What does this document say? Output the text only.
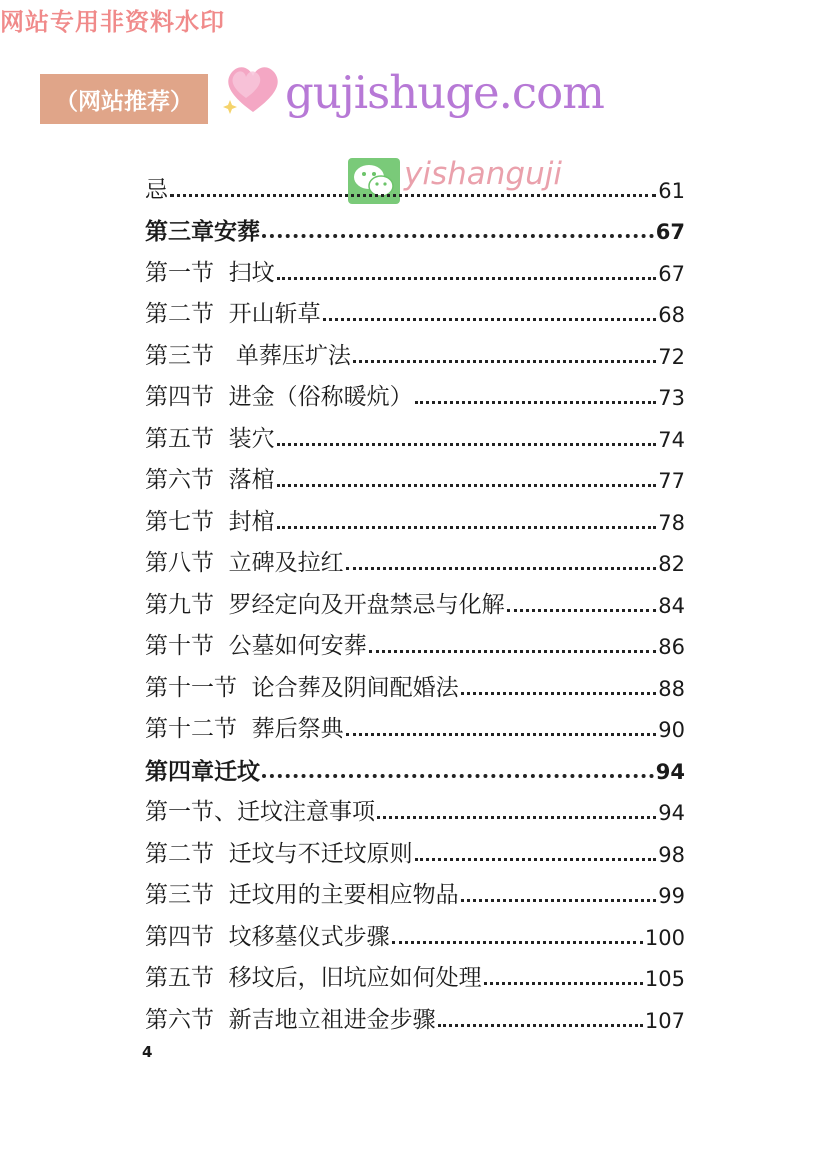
网站专用非资料水印
（网站推荐）	gujishuge.com
yishanguji
忌	61
第三章安葬	67
第一节  扫坟	67
第二节  开山斩草	68
第三节   单葬压圹法	72
第四节  进金（俗称暖炕）	73
第五节  装穴	74
第六节  落棺	77
第七节  封棺	78
第八节  立碑及拉红	82
第九节  罗经定向及开盘禁忌与化解	84
第十节  公墓如何安葬	86
第十一节  论合葬及阴间配婚法	88
第十二节  葬后祭典	90
第四章迁坟	94
第一节、迁坟注意事项	94
第二节  迁坟与不迁坟原则	98
第三节  迁坟用的主要相应物品	99
第四节  坟移墓仪式步骤	100
第五节  移坟后，旧坑应如何处理	105
第六节  新吉地立祖进金步骤	107
4
